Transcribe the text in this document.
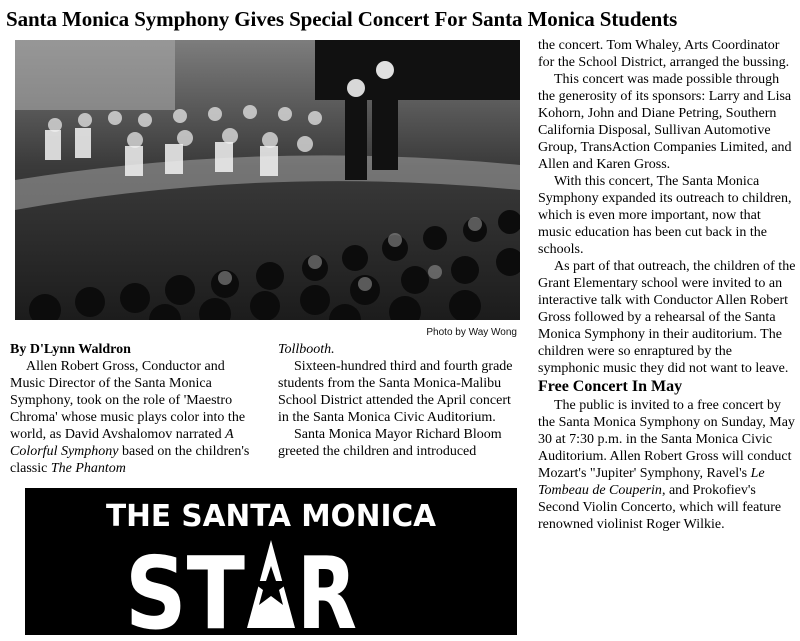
Santa Monica Symphony Gives Special Concert For Santa Monica Students

Photo by Way Wong

By D'Lynn Waldron

Allen Robert Gross, Conductor and Music Director of the Santa Monica Symphony, took on the role of 'Maestro Chroma' whose music plays color into the world, as David Avshalomov narrated A Colorful Symphony based on the children's classic The Phantom

Tollbooth.

Sixteen-hundred third and fourth grade students from the Santa Monica-Malibu School District attended the April concert in the Santa Monica Civic Auditorium.

Santa Monica Mayor Richard Bloom greeted the children and introduced

the concert. Tom Whaley, Arts Coordinator for the School District, arranged the bussing.

This concert was made possible through the generosity of its sponsors: Larry and Lisa Kohorn, John and Diane Petring, Southern California Disposal, Sullivan Automotive Group, TransAction Companies Limited, and Allen and Karen Gross.

With this concert, The Santa Monica Symphony expanded its outreach to children, which is even more important, now that music education has been cut back in the schools.

As part of that outreach, the children of the Grant Elementary school were invited to an interactive talk with Conductor Allen Robert Gross followed by a rehearsal of the Santa Monica Symphony in their auditorium. The children were so enraptured by the symphonic music they did not want to leave.

Free Concert In May

The public is invited to a free concert by the Santa Monica Symphony on Sunday, May 30 at 7:30 p.m. in the Santa Monica Civic Auditorium. Allen Robert Gross will conduct Mozart's "Jupiter' Symphony, Ravel's Le Tombeau de Couperin, and Prokofiev's Second Violin Concerto, which will feature renowned violinist Roger Wilkie.

THE SANTA MONICA
ST R
